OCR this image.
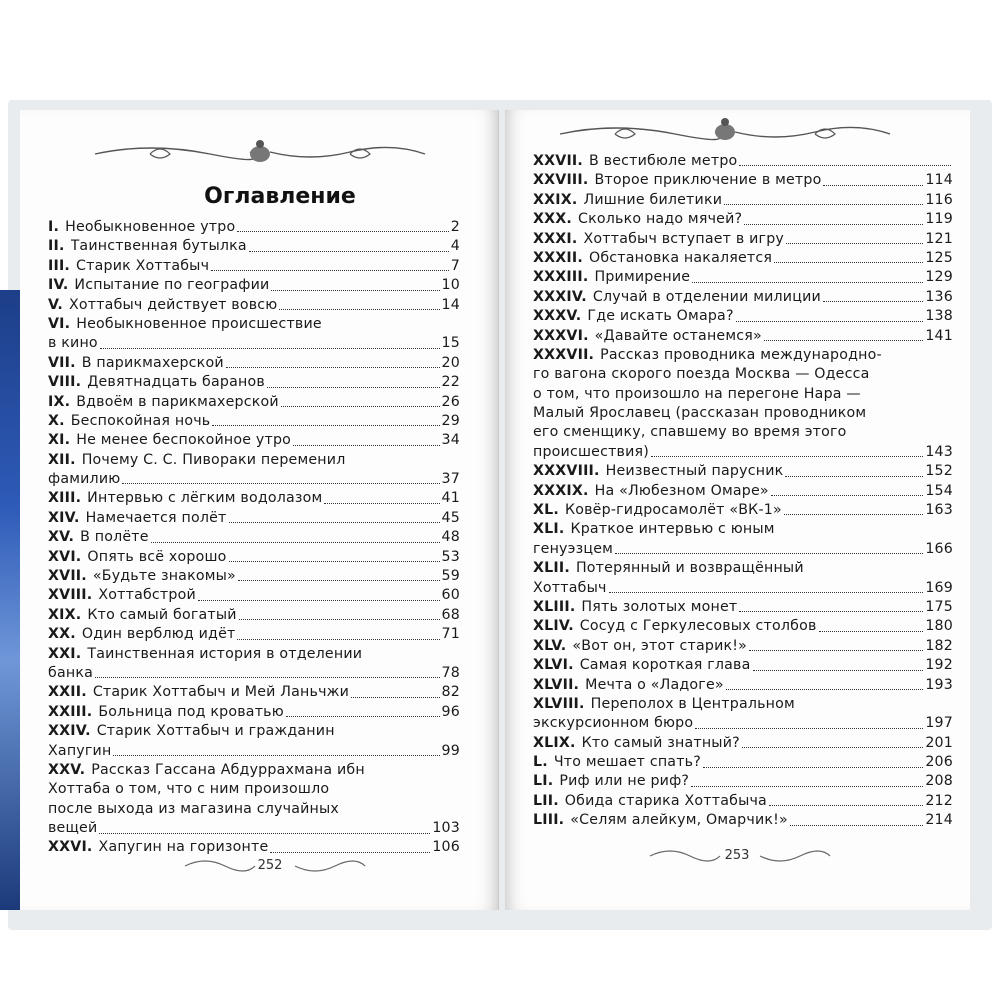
Оглавление
I. Необыкновенное утро	2
II. Таинственная бутылка	4
III. Старик Хоттабыч	7
IV. Испытание по географии	10
V. Хоттабыч действует вовсю	14
VI. Необыкновенное происшествие
в кино	15
VII. В парикмахерской	20
VIII. Девятнадцать баранов	22
IX. Вдвоём в парикмахерской	26
X. Беспокойная ночь	29
XI. Не менее беспокойное утро	34
XII. Почему С. С. Пивораки переменил
фамилию	37
XIII. Интервью с лёгким водолазом	41
XIV. Намечается полёт	45
XV. В полёте	48
XVI. Опять всё хорошо	53
XVII. «Будьте знакомы»	59
XVIII. Хоттабстрой	60
XIX. Кто самый богатый	68
XX. Один верблюд идёт	71
XXI. Таинственная история в отделении
банка	78
XXII. Старик Хоттабыч и Мей Ланьчжи	82
XXIII. Больница под кроватью	96
XXIV. Старик Хоттабыч и гражданин
Хапугин	99
XXV. Рассказ Гассана Абдуррахмана ибн
Хоттаба о том, что с ним произошло
после выхода из магазина случайных
вещей	103
XXVI. Хапугин на горизонте	106
252
XXVII. В вестибюле метро
XXVIII. Второе приключение в метро	114
XXIX. Лишние билетики	116
XXX. Сколько надо мячей?	119
XXXI. Хоттабыч вступает в игру	121
XXXII. Обстановка накаляется	125
XXXIII. Примирение	129
XXXIV. Случай в отделении милиции	136
XXXV. Где искать Омара?	138
XXXVI. «Давайте останемся»	141
XXXVII. Рассказ проводника международно-
го вагона скорого поезда Москва — Одесса
о том, что произошло на перегоне Нара —
Малый Ярославец (рассказан проводником
его сменщику, спавшему во время этого
происшествия)	143
XXXVIII. Неизвестный парусник	152
XXXIX. На «Любезном Омаре»	154
XL. Ковёр-гидросамолёт «ВК-1»	163
XLI. Краткое интервью с юным
генуэзцем	166
XLII. Потерянный и возвращённый
Хоттабыч	169
XLIII. Пять золотых монет	175
XLIV. Сосуд с Геркулесовых столбов	180
XLV. «Вот он, этот старик!»	182
XLVI. Самая короткая глава	192
XLVII. Мечта о «Ладоге»	193
XLVIII. Переполох в Центральном
экскурсионном бюро	197
XLIX. Кто самый знатный?	201
L. Что мешает спать?	206
LI. Риф или не риф?	208
LII. Обида старика Хоттабыча	212
LIII. «Селям алейкум, Омарчик!»	214
253
